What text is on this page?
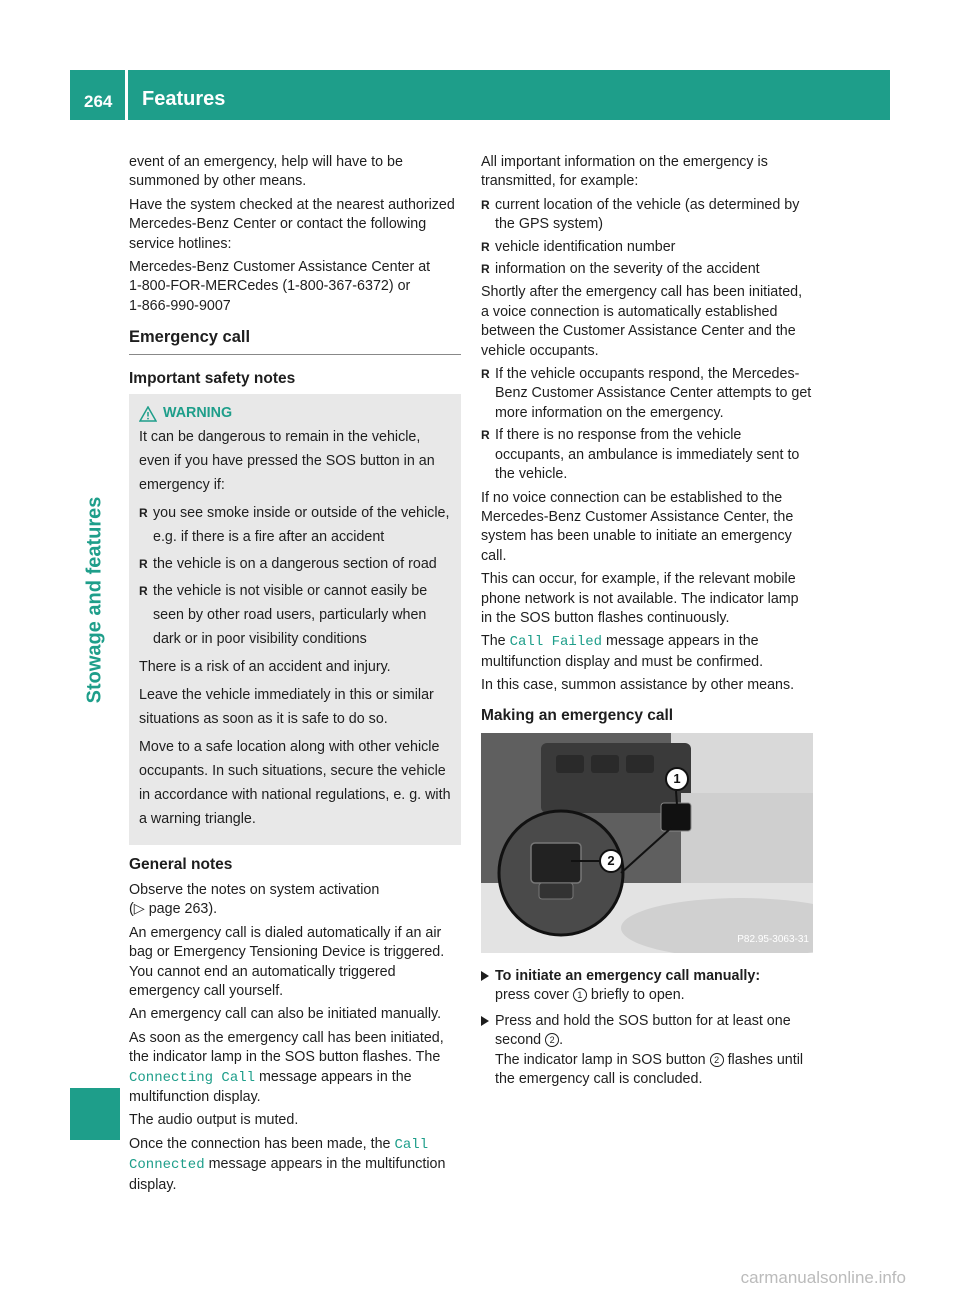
264 Features
Stowage and features

event of an emergency, help will have to be summoned by other means.

Have the system checked at the nearest authorized Mercedes-Benz Center or contact the following service hotlines:

Mercedes-Benz Customer Assistance Center at
1-800-FOR-MERCedes (1-800-367-6372) or
1-866-990-9007

Emergency call
Important safety notes
WARNING

It can be dangerous to remain in the vehicle, even if you have pressed the SOS button in an emergency if:

R you see smoke inside or outside of the vehicle, e.g. if there is a fire after an accident
R the vehicle is on a dangerous section of road
R the vehicle is not visible or cannot easily be seen by other road users, particularly when dark or in poor visibility conditions

There is a risk of an accident and injury.

Leave the vehicle immediately in this or similar situations as soon as it is safe to do so.

Move to a safe location along with other vehicle occupants. In such situations, secure the vehicle in accordance with national regulations, e. g. with a warning triangle.

General notes

Observe the notes on system activation
(▷ page 263).

An emergency call is dialed automatically if an air bag or Emergency Tensioning Device is triggered. You cannot end an automatically triggered emergency call yourself.

An emergency call can also be initiated manually.

As soon as the emergency call has been initiated, the indicator lamp in the SOS button flashes. The Connecting Call message appears in the multifunction display.

The audio output is muted.

Once the connection has been made, the Call Connected message appears in the multifunction display.

All important information on the emergency is transmitted, for example:

R current location of the vehicle (as determined by the GPS system)
R vehicle identification number
R information on the severity of the accident

Shortly after the emergency call has been initiated, a voice connection is automatically established between the Customer Assistance Center and the vehicle occupants.

R If the vehicle occupants respond, the Mercedes-Benz Customer Assistance Center attempts to get more information on the emergency.
R If there is no response from the vehicle occupants, an ambulance is immediately sent to the vehicle.

If no voice connection can be established to the Mercedes-Benz Customer Assistance Center, the system has been unable to initiate an emergency call.

This can occur, for example, if the relevant mobile phone network is not available. The indicator lamp in the SOS button flashes continuously.

The Call Failed message appears in the multifunction display and must be confirmed.

In this case, summon assistance by other means.

Making an emergency call
1
2
P82.95-3063-31
To initiate an emergency call manually:
press cover 1 briefly to open.
Press and hold the SOS button for at least one second 2 .
The indicator lamp in SOS button 2 flashes until the emergency call is concluded.
carmanualsonline.info
